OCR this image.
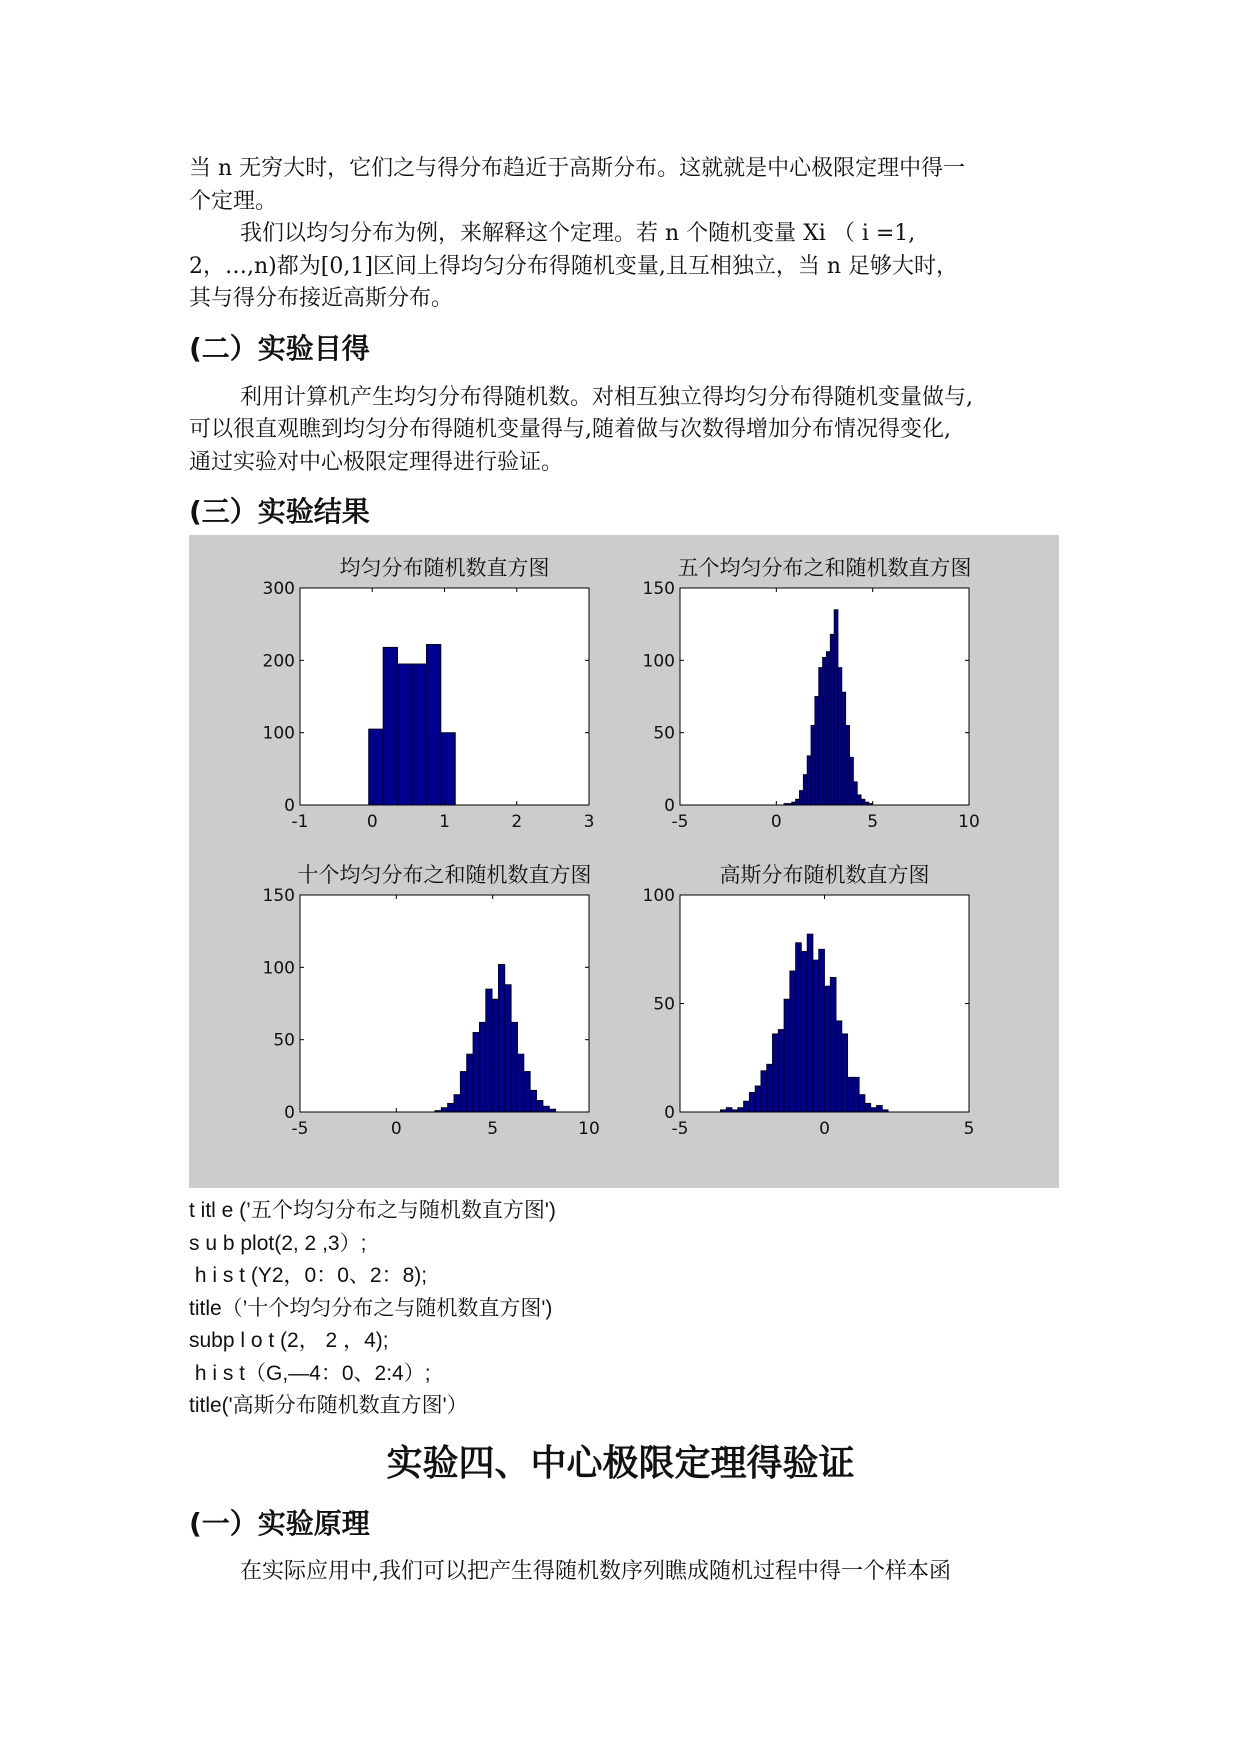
当 n 无穷大时，它们之与得分布趋近于高斯分布。这就就是中心极限定理中得一
个定理。
我们以均匀分布为例，来解释这个定理。若 n 个随机变量 Xi （ i =1,
2，…,n)都为[0,1]区间上得均匀分布得随机变量,且互相独立，当 n 足够大时，
其与得分布接近高斯分布。
(二）实验目得
利用计算机产生均匀分布得随机数。对相互独立得均匀分布得随机变量做与,
可以很直观瞧到均匀分布得随机变量得与,随着做与次数得增加分布情况得变化,
通过实验对中心极限定理得进行验证。
(三）实验结果
均匀分布随机数直方图
-1	0	1	2	3
0
100
200
300
五个均匀分布之和随机数直方图
-5	0	5	10
0
50
100
150
十个均匀分布之和随机数直方图
-5	0	5	10
0
50
100
150
高斯分布随机数直方图
-5	0	5
0
50
100
t itl e (’五个均匀分布之与随机数直方图')
s u b plot(2, 2 ,3）;
h i s t (Y2，0：0、2：8);
title（’十个均匀分布之与随机数直方图')
subp l o t (2， 2 ，4);
h i s t（G,—4：0、2:4）;
title('高斯分布随机数直方图'）
实验四、中心极限定理得验证
(一）实验原理
在实际应用中,我们可以把产生得随机数序列瞧成随机过程中得一个样本函
